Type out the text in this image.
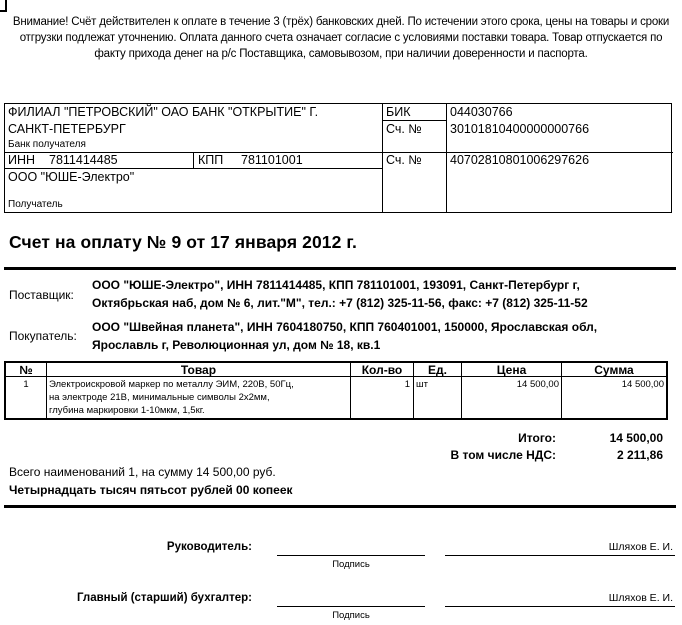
Внимание! Счёт действителен к оплате в течение 3 (трёх) банковских дней. По истечении этого срока, цены на товары и сроки
отгрузки подлежат уточнению. Оплата данного счета означает согласие с условиями поставки товара. Товар отпускается по
факту прихода денег на р/с Поставщика, самовывозом, при наличии доверенности и паспорта.
ФИЛИАЛ "ПЕТРОВСКИЙ" ОАО БАНК "ОТКРЫТИЕ" Г.
САНКТ-ПЕТЕРБУРГ
Банк получателя
ИНН 7811414485	КПП 781101001
ООО "ЮШЕ-Электро"
Получатель
БИК	044030766
Сч. № 30101810400000000766
Сч. № 40702810801006297626
Счет на оплату № 9 от 17 января 2012 г.
Поставщик:
ООО "ЮШЕ-Электро", ИНН 7811414485, КПП 781101001, 193091, Санкт-Петербург г,
Октябрьская наб, дом № 6, лит."М", тел.: +7 (812) 325-11-56, факс: +7 (812) 325-11-52
Покупатель:
ООО "Швейная планета", ИНН 7604180750, КПП 760401001, 150000, Ярославская обл,
Ярославль г, Революционная ул, дом № 18, кв.1
№	Товар	Кол-во	Ед.	Цена	Сумма
1	Электроискровой маркер по металлу ЭИМ, 220В, 50Гц,
на электроде 21В, минимальные символы 2х2мм,
глубина маркировки 1-10мкм, 1,5кг.
1 шт	14 500,00	14 500,00
Итого:	14 500,00
В том числе НДС:	2 211,86
Всего наименований 1, на сумму 14 500,00 руб.
Четырнадцать тысяч пятьсот рублей 00 копеек
Руководитель:	Шляхов Е. И.
Подпись
Главный (старший) бухгалтер:	Шляхов Е. И.
Подпись
